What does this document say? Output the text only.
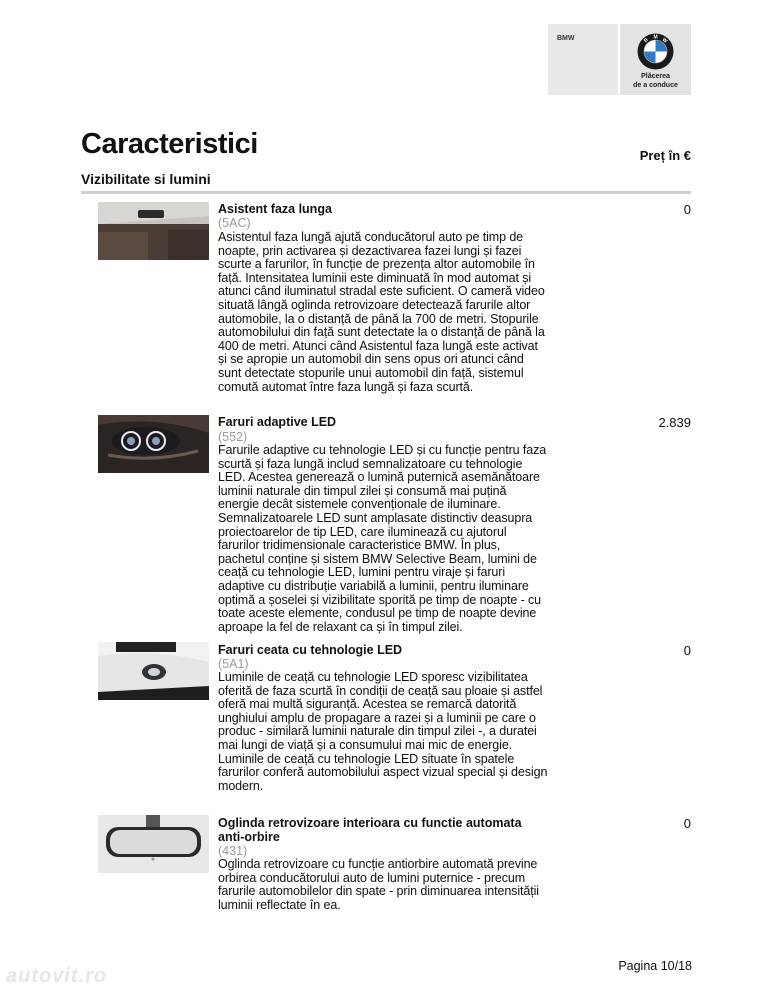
BMW	B M W
Plăcerea
de a conduce
Caracteristici	Preț în €
Vizibilitate si lumini
Asistent faza lunga
(5AC)
Asistentul faza lungă ajută conducătorul auto pe timp de noapte, prin activarea și dezactivarea fazei lungi și fazei scurte a farurilor, în funcție de prezența altor automobile în față. Intensitatea luminii este diminuată în mod automat și atunci când iluminatul stradal este suficient. O cameră video situată lângă oglinda retrovizoare detectează farurile altor automobile, la o distanță de până la 700 de metri. Stopurile automobilului din față sunt detectate la o distanță de până la 400 de metri. Atunci când Asistentul faza lungă este activat și se apropie un automobil din sens opus ori atunci când sunt detectate stopurile unui automobil din față, sistemul comută automat între faza lungă și faza scurtă.
0
Faruri adaptive LED
(552)
Farurile adaptive cu tehnologie LED și cu funcție pentru faza scurtă și faza lungă includ semnalizatoare cu tehnologie LED. Acestea generează o lumină puternică asemănătoare luminii naturale din timpul zilei și consumă mai puțină energie decât sistemele convenționale de iluminare. Semnalizatoarele LED sunt amplasate distinctiv deasupra proiectoarelor de tip LED, care iluminează cu ajutorul farurilor tridimensionale caracteristice BMW. În plus, pachetul conține și sistem BMW Selective Beam, lumini de ceață cu tehnologie LED, lumini pentru viraje și faruri adaptive cu distribuție variabilă a luminii, pentru iluminare optimă a șoselei și vizibilitate sporită pe timp de noapte - cu toate aceste elemente, condusul pe timp de noapte devine aproape la fel de relaxant ca și în timpul zilei.
2.839
Faruri ceata cu tehnologie LED
(5A1)
Luminile de ceață cu tehnologie LED sporesc vizibilitatea oferită de faza scurtă în condiții de ceață sau ploaie și astfel oferă mai multă siguranță. Acestea se remarcă datorită unghiului amplu de propagare a razei și a luminii pe care o produc - similară luminii naturale din timpul zilei -, a duratei mai lungi de viață și a consumului mai mic de energie. Luminile de ceață cu tehnologie LED situate în spatele farurilor conferă automobilului aspect vizual special și design modern.
0
Oglinda retrovizoare interioara cu functie automata anti-orbire
(431)
Oglinda retrovizoare cu funcție antiorbire automată previne orbirea conducătorului auto de lumini puternice - precum farurile automobilelor din spate - prin diminuarea intensității luminii reflectate în ea.
0
Pagina 10/18
autovit.ro
